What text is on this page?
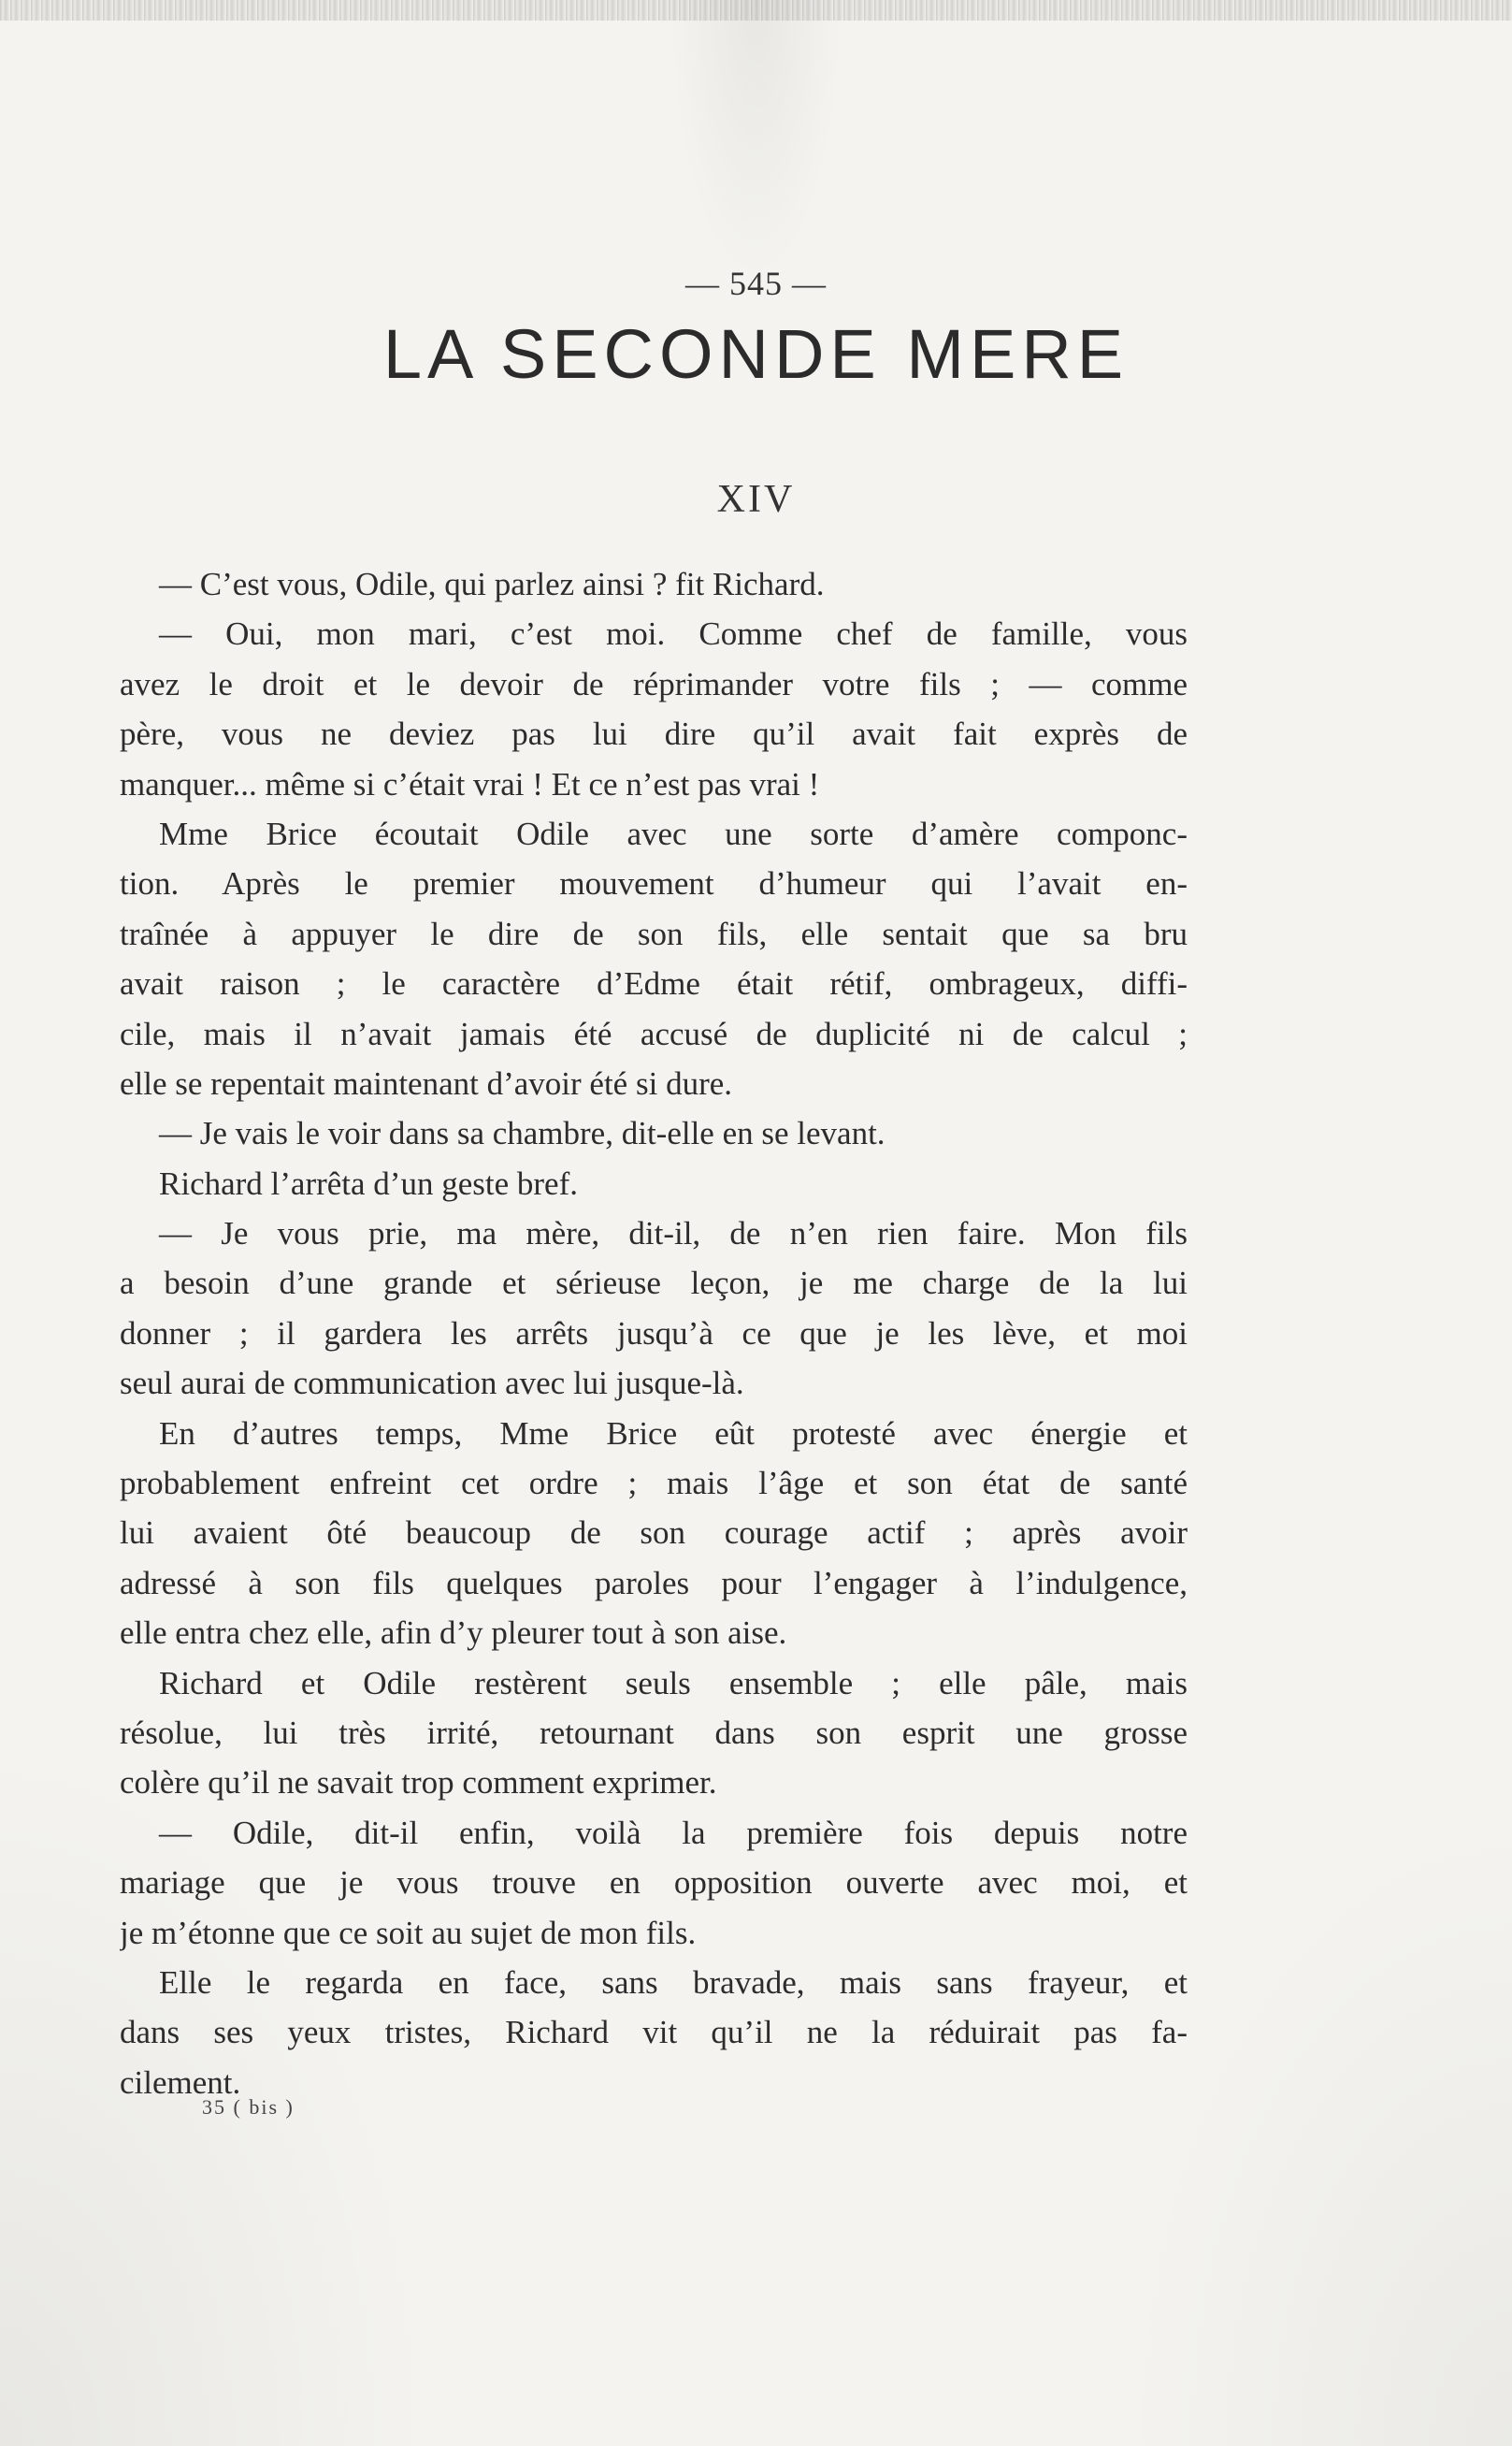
— 545 —
LA SECONDE MERE
XIV
— C’est vous, Odile, qui parlez ainsi ? fit Richard.
— Oui, mon mari, c’est moi. Comme chef de famille, vous
avez le droit et le devoir de réprimander votre fils ; — comme
père, vous ne deviez pas lui dire qu’il avait fait exprès de
manquer... même si c’était vrai ! Et ce n’est pas vrai !
Mme Brice écoutait Odile avec une sorte d’amère componc-
tion. Après le premier mouvement d’humeur qui l’avait en-
traînée à appuyer le dire de son fils, elle sentait que sa bru
avait raison ; le caractère d’Edme était rétif, ombrageux, diffi-
cile, mais il n’avait jamais été accusé de duplicité ni de calcul ;
elle se repentait maintenant d’avoir été si dure.
— Je vais le voir dans sa chambre, dit-elle en se levant.
Richard l’arrêta d’un geste bref.
— Je vous prie, ma mère, dit-il, de n’en rien faire. Mon fils
a besoin d’une grande et sérieuse leçon, je me charge de la lui
donner ; il gardera les arrêts jusqu’à ce que je les lève, et moi
seul aurai de communication avec lui jusque-là.
En d’autres temps, Mme Brice eût protesté avec énergie et
probablement enfreint cet ordre ; mais l’âge et son état de santé
lui avaient ôté beaucoup de son courage actif ; après avoir
adressé à son fils quelques paroles pour l’engager à l’indulgence,
elle entra chez elle, afin d’y pleurer tout à son aise.
Richard et Odile restèrent seuls ensemble ; elle pâle, mais
résolue, lui très irrité, retournant dans son esprit une grosse
colère qu’il ne savait trop comment exprimer.
— Odile, dit-il enfin, voilà la première fois depuis notre
mariage que je vous trouve en opposition ouverte avec moi, et
je m’étonne que ce soit au sujet de mon fils.
Elle le regarda en face, sans bravade, mais sans frayeur, et
dans ses yeux tristes, Richard vit qu’il ne la réduirait pas fa-
cilement.
35 ( bis )
